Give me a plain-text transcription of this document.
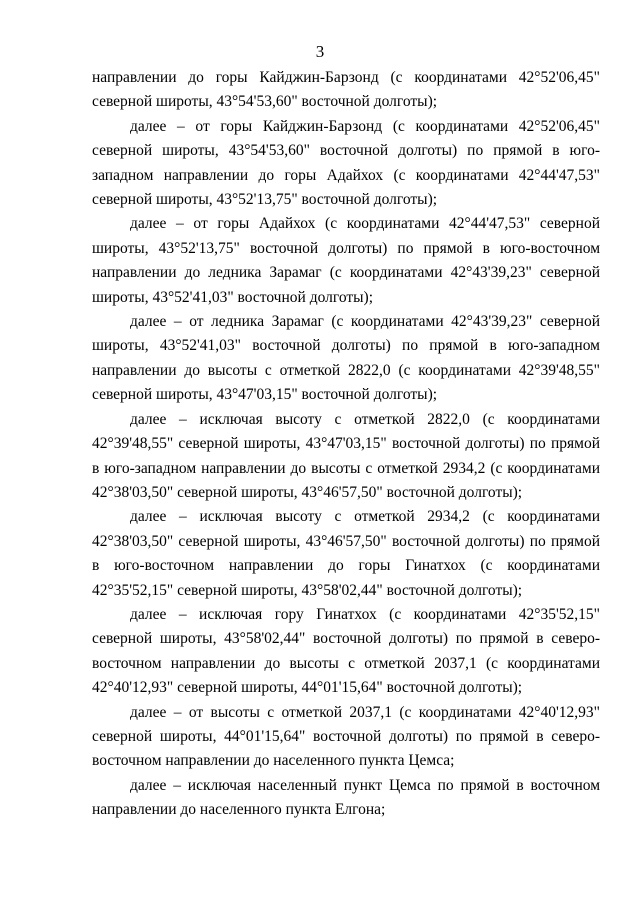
3

направлении до горы Кайджин-Барзонд (с координатами 42°52'06,45" северной широты, 43°54'53,60" восточной долготы);

далее – от горы Кайджин-Барзонд (с координатами 42°52'06,45" северной широты, 43°54'53,60" восточной долготы) по прямой в юго-западном направлении до горы Адайхох (с координатами 42°44'47,53" северной широты, 43°52'13,75" восточной долготы);

далее – от горы Адайхох (с координатами 42°44'47,53" северной широты, 43°52'13,75" восточной долготы) по прямой в юго-восточном направлении до ледника Зарамаг (с координатами 42°43'39,23" северной широты, 43°52'41,03" восточной долготы);

далее – от ледника Зарамаг (с координатами 42°43'39,23" северной широты, 43°52'41,03" восточной долготы) по прямой в юго-западном направлении до высоты с отметкой 2822,0 (с координатами 42°39'48,55" северной широты, 43°47'03,15" восточной долготы);

далее – исключая высоту с отметкой 2822,0 (с координатами 42°39'48,55" северной широты, 43°47'03,15" восточной долготы) по прямой в юго-западном направлении до высоты с отметкой 2934,2 (с координатами 42°38'03,50" северной широты, 43°46'57,50" восточной долготы);

далее – исключая высоту с отметкой 2934,2 (с координатами 42°38'03,50" северной широты, 43°46'57,50" восточной долготы) по прямой в юго-восточном направлении до горы Гинатхох (с координатами 42°35'52,15" северной широты, 43°58'02,44" восточной долготы);

далее – исключая гору Гинатхох (с координатами 42°35'52,15" северной широты, 43°58'02,44" восточной долготы) по прямой в северо-восточном направлении до высоты с отметкой 2037,1 (с координатами 42°40'12,93" северной широты, 44°01'15,64" восточной долготы);

далее – от высоты с отметкой 2037,1 (с координатами 42°40'12,93" северной широты, 44°01'15,64" восточной долготы) по прямой в северо-восточном направлении до населенного пункта Цемса;

далее – исключая населенный пункт Цемса по прямой в восточном направлении до населенного пункта Елгона;
